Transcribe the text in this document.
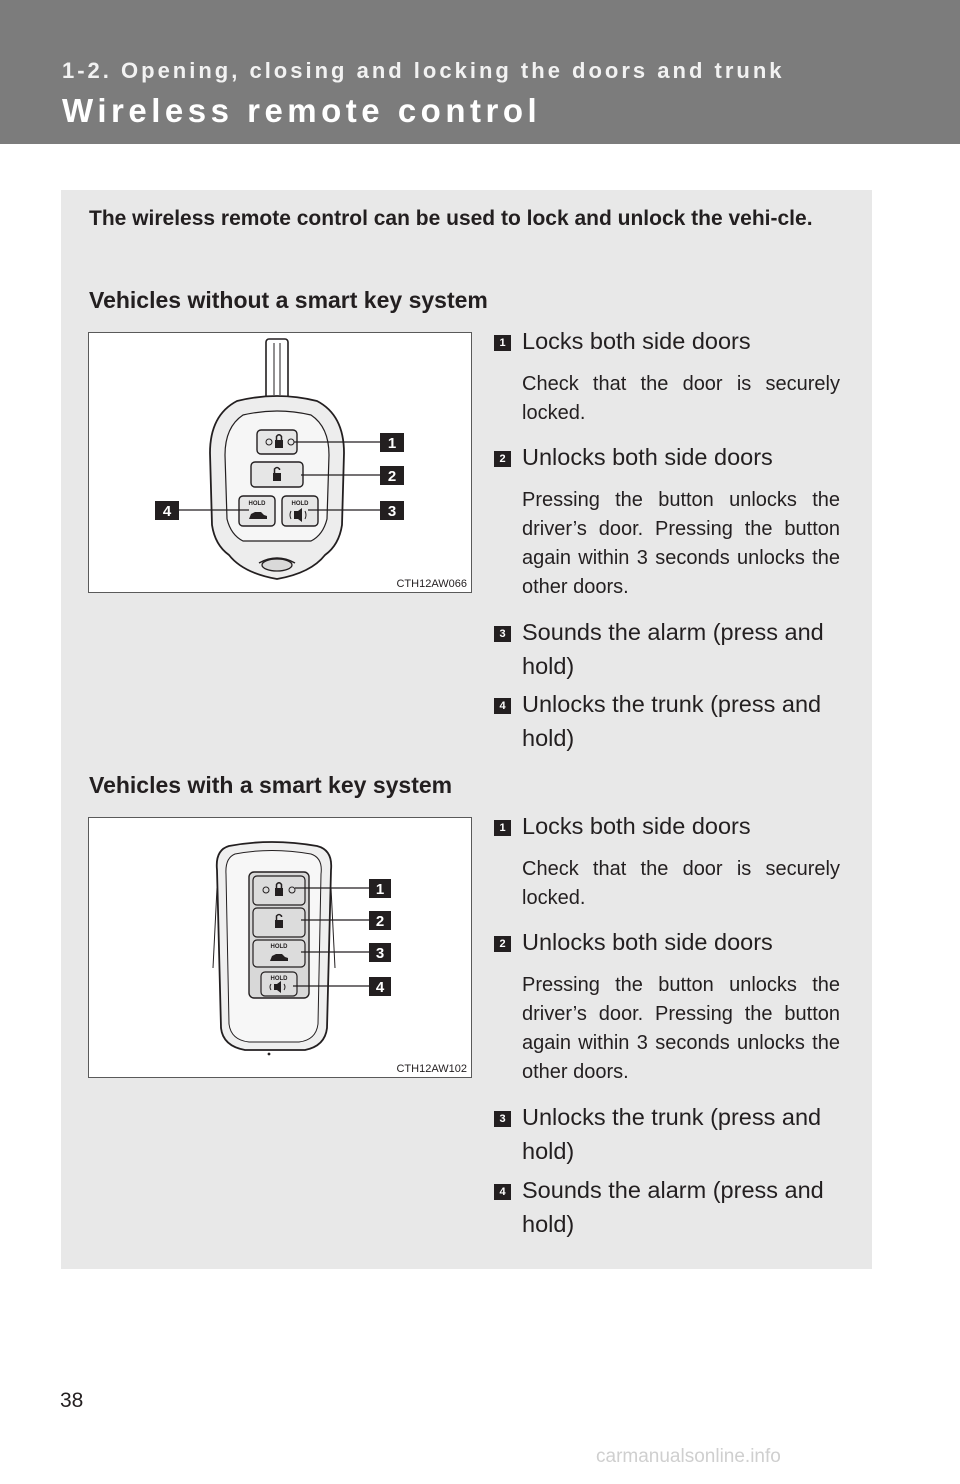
1-2. Opening, closing and locking the doors and trunk
Wireless remote control
The wireless remote control can be used to lock and unlock the vehi-cle.
Vehicles without a smart key system
HOLD	HOLD
1
2
3
4
CTH12AW066
1 Locks both side doors
Check that the door is securely locked.
2 Unlocks both side doors
Pressing the button unlocks the driver’s door. Pressing the button again within 3 seconds unlocks the other doors.
3 Sounds the alarm (press and hold)
4 Unlocks the trunk (press and hold)
Vehicles with a smart key system
HOLD
HOLD
1
2
3
4
CTH12AW102
1 Locks both side doors
Check that the door is securely locked.
2 Unlocks both side doors
Pressing the button unlocks the driver’s door. Pressing the button again within 3 seconds unlocks the other doors.
3 Unlocks the trunk (press and hold)
4 Sounds the alarm (press and hold)
38
carmanualsonline.info
